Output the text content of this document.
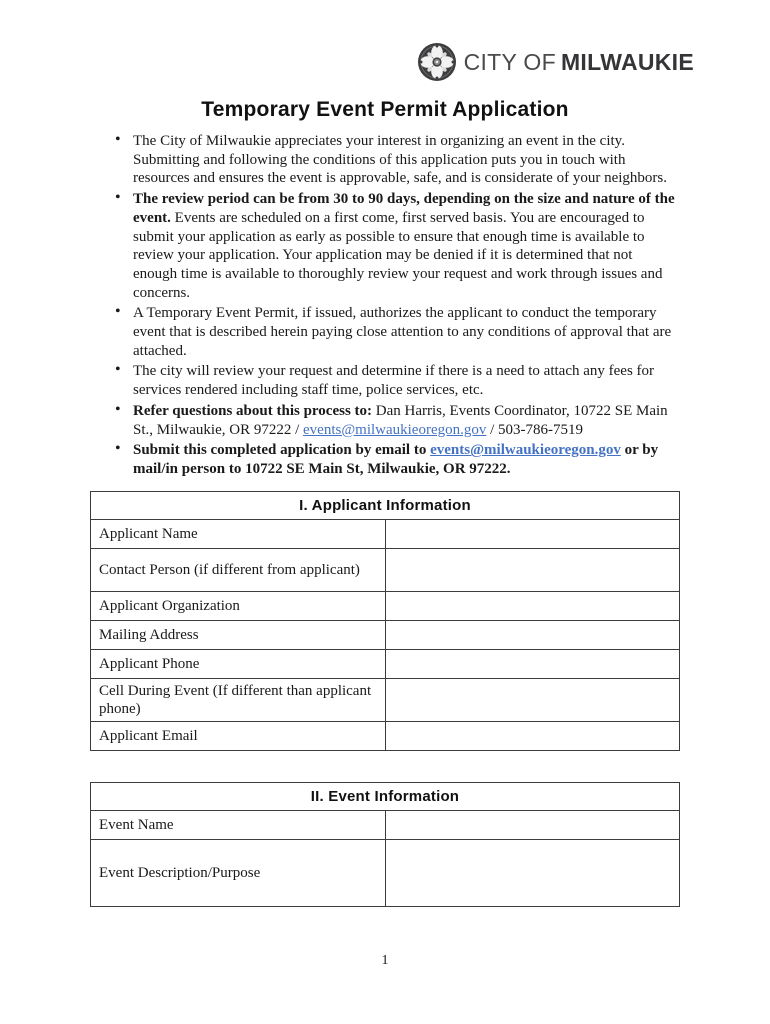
CITY OF MILWAUKIE
Temporary Event Permit Application
• The City of Milwaukie appreciates your interest in organizing an event in the city. Submitting and following the conditions of this application puts you in touch with resources and ensures the event is approvable, safe, and is considerate of your neighbors.
• The review period can be from 30 to 90 days, depending on the size and nature of the event. Events are scheduled on a first come, first served basis. You are encouraged to submit your application as early as possible to ensure that enough time is available to review your application. Your application may be denied if it is determined that not enough time is available to thoroughly review your request and work through issues and concerns.
• A Temporary Event Permit, if issued, authorizes the applicant to conduct the temporary event that is described herein paying close attention to any conditions of approval that are attached.
• The city will review your request and determine if there is a need to attach any fees for services rendered including staff time, police services, etc.
• Refer questions about this process to: Dan Harris, Events Coordinator, 10722 SE Main St., Milwaukie, OR 97222 / events@milwaukieoregon.gov / 503-786-7519
• Submit this completed application by email to events@milwaukieoregon.gov or by mail/in person to 10722 SE Main St, Milwaukie, OR 97222.
I. Applicant Information	
Applicant Name	
Contact Person (if different from applicant)	
Applicant Organization	
Mailing Address	
Applicant Phone	
Cell During Event (If different than applicant phone)	
Applicant Email	
II. Event Information	
Event Name	
Event Description/Purpose	
1
